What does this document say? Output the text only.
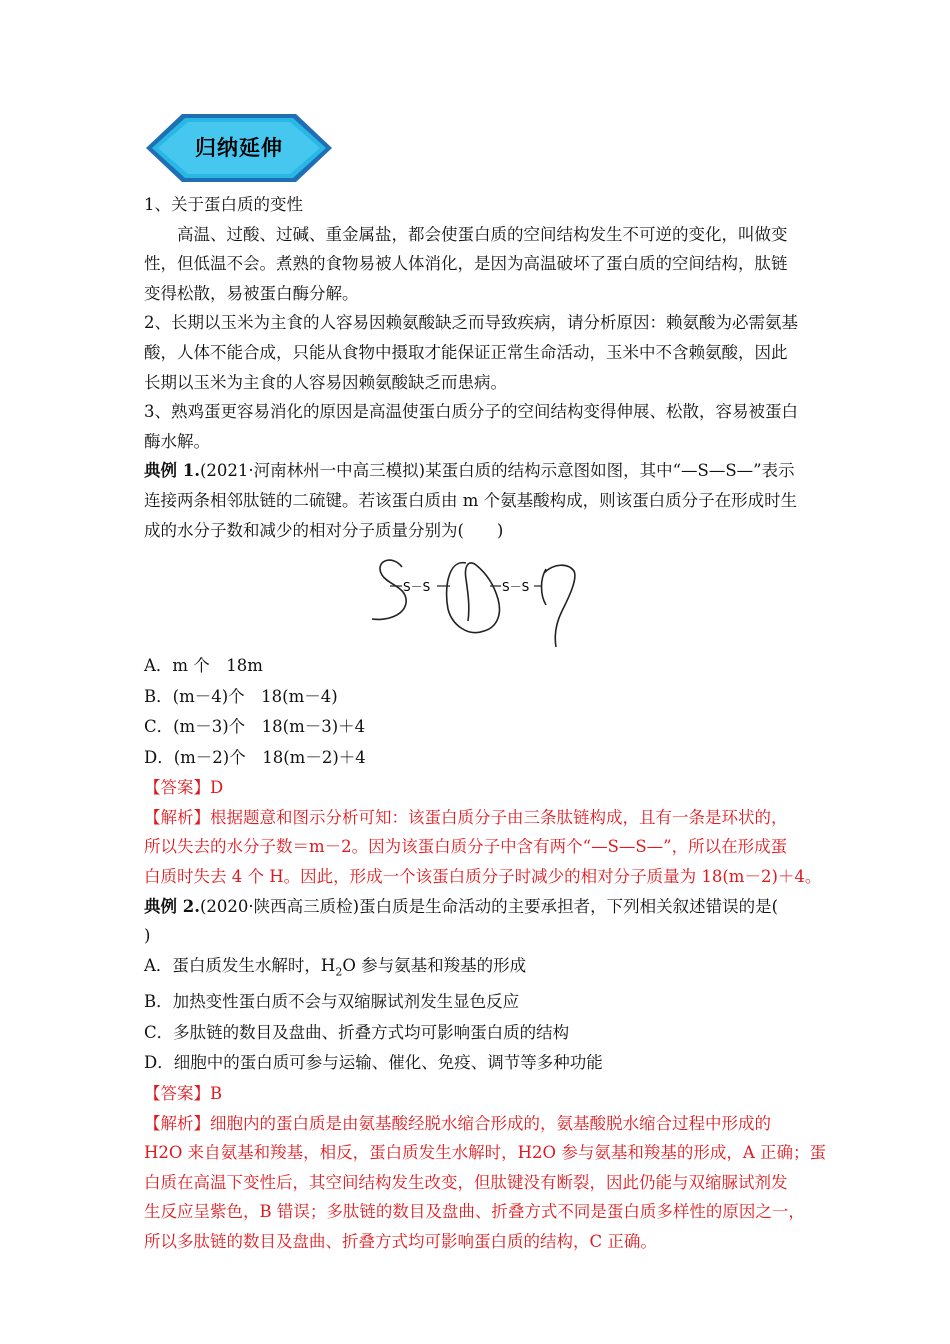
归纳延伸
1、关于蛋白质的变性
高温、过酸、过碱、重金属盐，都会使蛋白质的空间结构发生不可逆的变化，叫做变
性，但低温不会。煮熟的食物易被人体消化，是因为高温破坏了蛋白质的空间结构，肽链
变得松散，易被蛋白酶分解。
2、长期以玉米为主食的人容易因赖氨酸缺乏而导致疾病，请分析原因：赖氨酸为必需氨基
酸，人体不能合成，只能从食物中摄取才能保证正常生命活动，玉米中不含赖氨酸，因此
长期以玉米为主食的人容易因赖氨酸缺乏而患病。
3、熟鸡蛋更容易消化的原因是高温使蛋白质分子的空间结构变得伸展、松散，容易被蛋白
酶水解。
典例 1.(2021·河南林州一中高三模拟)某蛋白质的结构示意图如图，其中“—S—S—”表示
连接两条相邻肽链的二硫键。若该蛋白质由 m 个氨基酸构成，则该蛋白质分子在形成时生
成的水分子数和减少的相对分子质量分别为(　　)
S－S	S－S
A．m 个　18m
B．(m－4)个　18(m－4)
C．(m－3)个　18(m－3)＋4
D．(m－2)个　18(m－2)＋4
【答案】D
【解析】根据题意和图示分析可知：该蛋白质分子由三条肽链构成，且有一条是环状的，
所以失去的水分子数＝m－2。因为该蛋白质分子中含有两个“—S—S—”，所以在形成蛋
白质时失去 4 个 H。因此，形成一个该蛋白质分子时减少的相对分子质量为 18(m－2)＋4。
典例 2.(2020·陕西高三质检)蛋白质是生命活动的主要承担者，下列相关叙述错误的是(
)
A．蛋白质发生水解时，$H_2O$ 参与氨基和羧基的形成
B．加热变性蛋白质不会与双缩脲试剂发生显色反应
C．多肽链的数目及盘曲、折叠方式均可影响蛋白质的结构
D．细胞中的蛋白质可参与运输、催化、免疫、调节等多种功能
【答案】B
【解析】细胞内的蛋白质是由氨基酸经脱水缩合形成的，氨基酸脱水缩合过程中形成的
H2O 来自氨基和羧基，相反，蛋白质发生水解时，H2O 参与氨基和羧基的形成，A 正确；蛋
白质在高温下变性后，其空间结构发生改变，但肽键没有断裂，因此仍能与双缩脲试剂发
生反应呈紫色，B 错误；多肽链的数目及盘曲、折叠方式不同是蛋白质多样性的原因之一，
所以多肽链的数目及盘曲、折叠方式均可影响蛋白质的结构，C 正确。
